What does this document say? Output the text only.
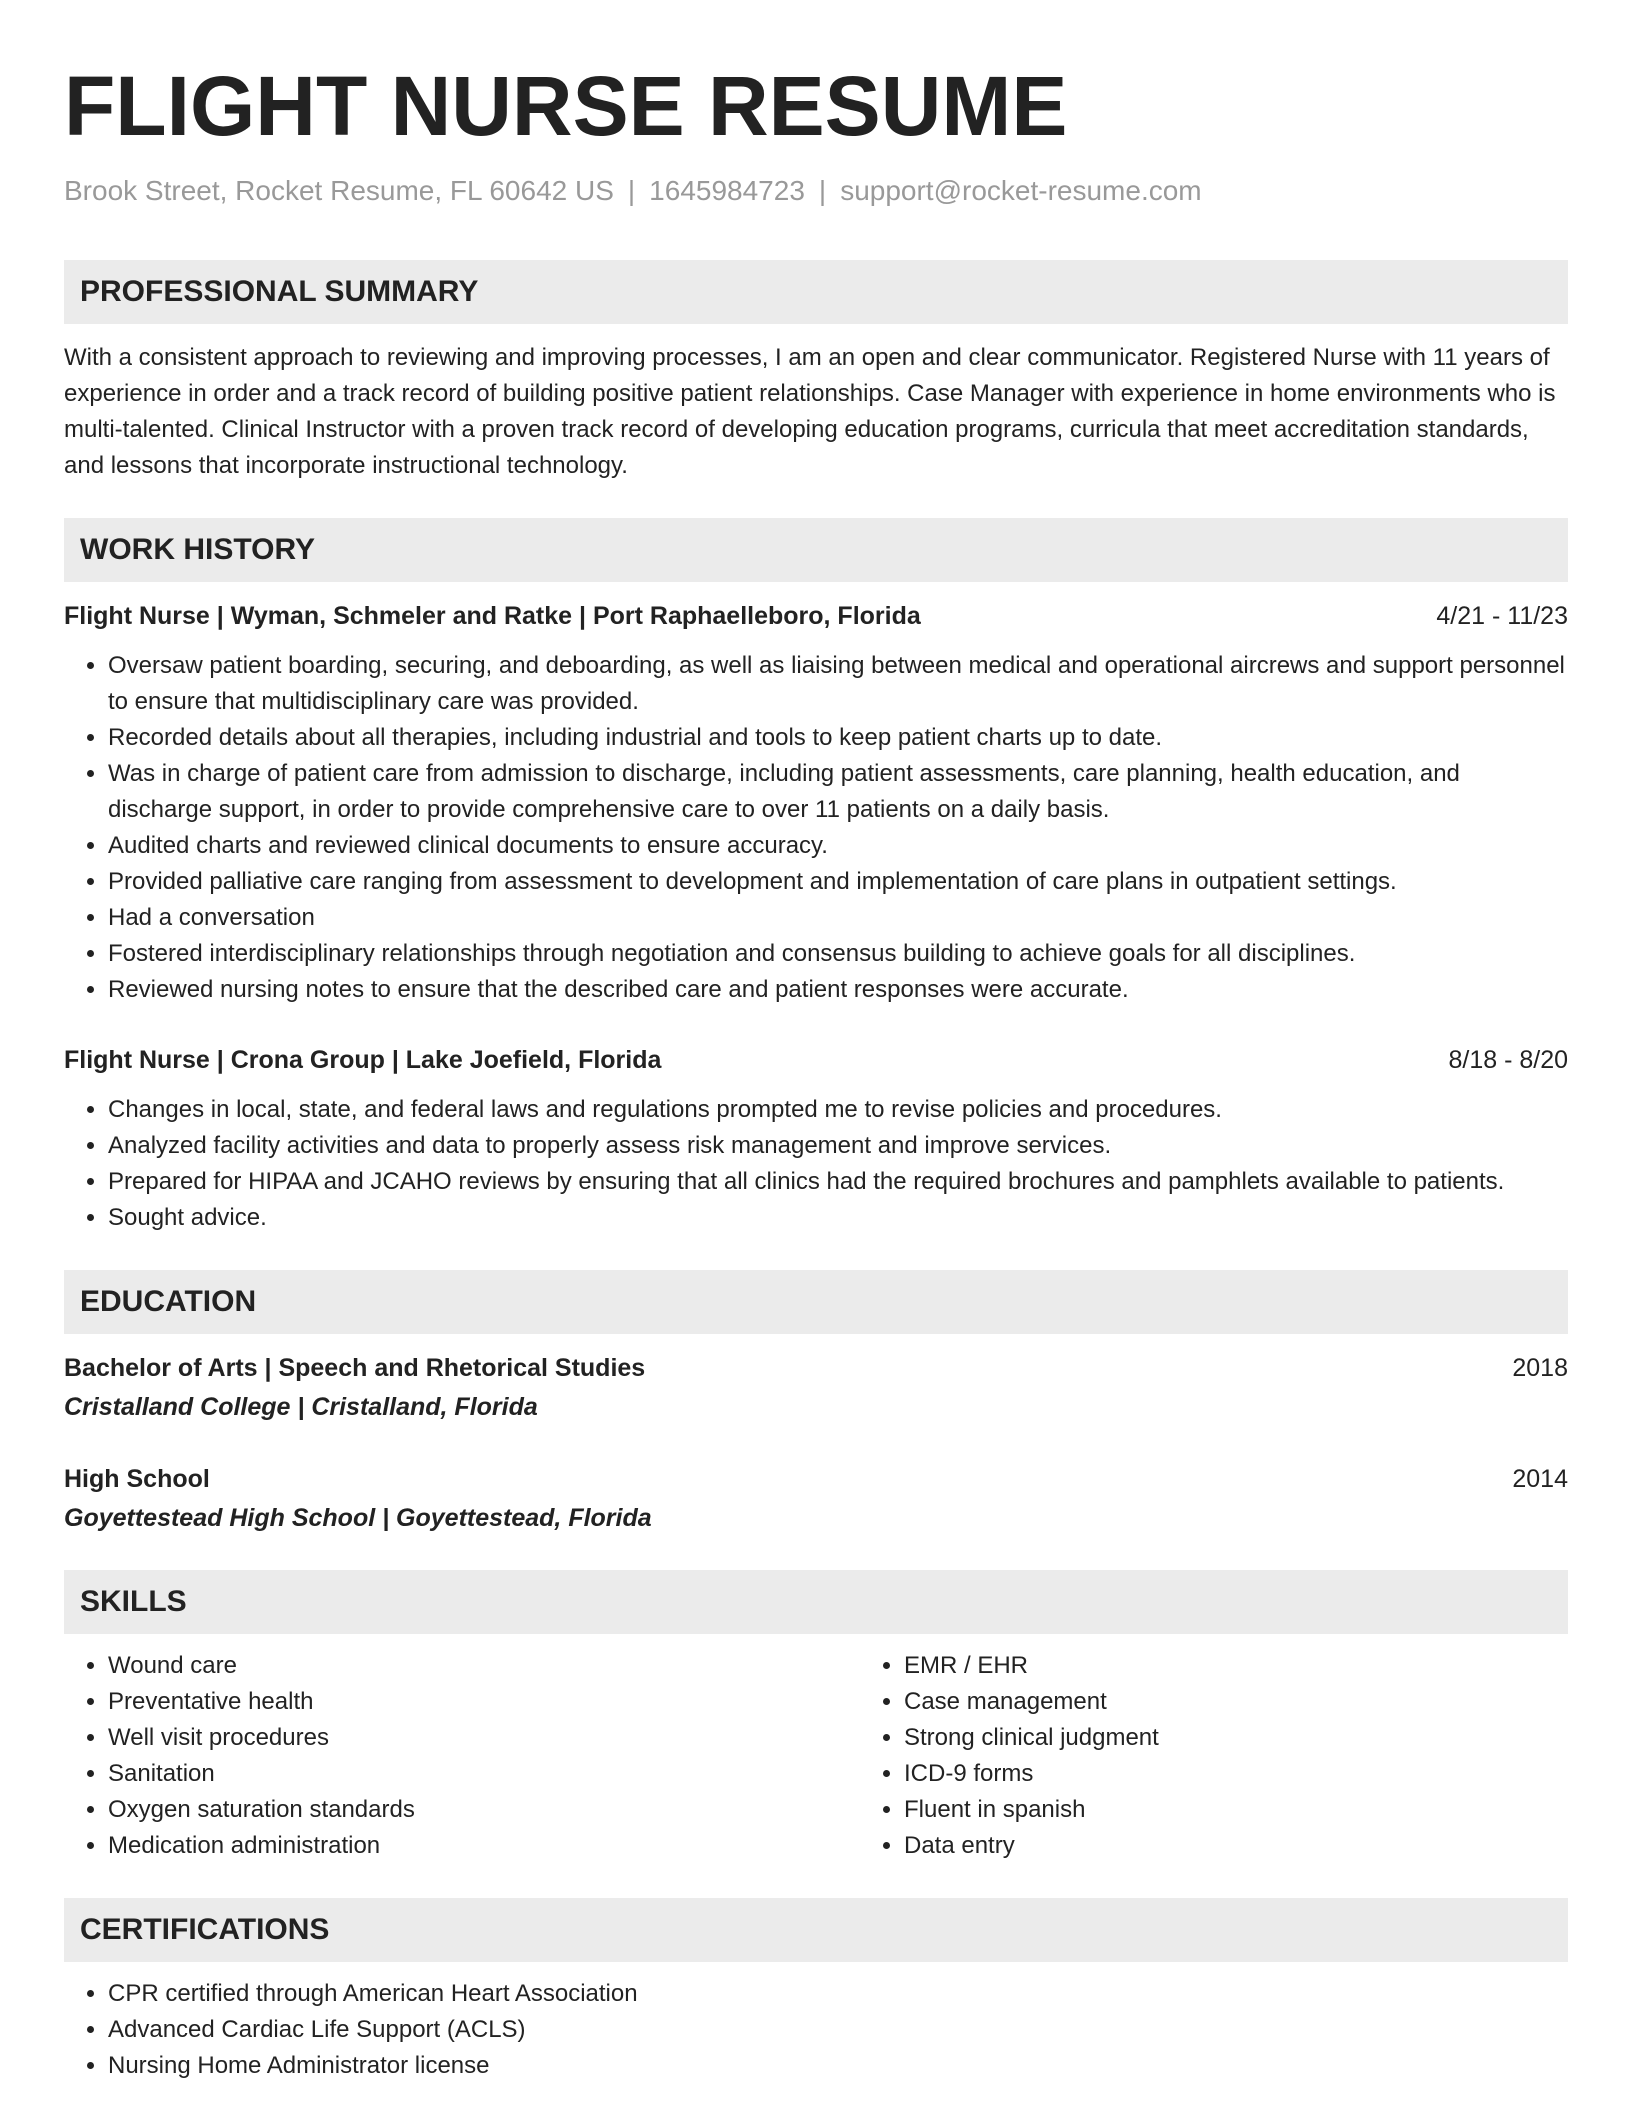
FLIGHT NURSE RESUME
Brook Street, Rocket Resume, FL 60642 US | 1645984723 | support@rocket-resume.com
PROFESSIONAL SUMMARY
With a consistent approach to reviewing and improving processes, I am an open and clear communicator. Registered Nurse with 11 years of experience in order and a track record of building positive patient relationships. Case Manager with experience in home environments who is multi-talented. Clinical Instructor with a proven track record of developing education programs, curricula that meet accreditation standards, and lessons that incorporate instructional technology.
WORK HISTORY
Flight Nurse | Wyman, Schmeler and Ratke | Port Raphaelleboro, Florida	4/21 - 11/23
• Oversaw patient boarding, securing, and deboarding, as well as liaising between medical and operational aircrews and support personnel to ensure that multidisciplinary care was provided.
• Recorded details about all therapies, including industrial and tools to keep patient charts up to date.
• Was in charge of patient care from admission to discharge, including patient assessments, care planning, health education, and discharge support, in order to provide comprehensive care to over 11 patients on a daily basis.
• Audited charts and reviewed clinical documents to ensure accuracy.
• Provided palliative care ranging from assessment to development and implementation of care plans in outpatient settings.
• Had a conversation
• Fostered interdisciplinary relationships through negotiation and consensus building to achieve goals for all disciplines.
• Reviewed nursing notes to ensure that the described care and patient responses were accurate.
Flight Nurse | Crona Group | Lake Joefield, Florida	8/18 - 8/20
• Changes in local, state, and federal laws and regulations prompted me to revise policies and procedures.
• Analyzed facility activities and data to properly assess risk management and improve services.
• Prepared for HIPAA and JCAHO reviews by ensuring that all clinics had the required brochures and pamphlets available to patients.
• Sought advice.
EDUCATION
Bachelor of Arts | Speech and Rhetorical Studies	2018
Cristalland College | Cristalland, Florida
High School	2014
Goyettestead High School | Goyettestead, Florida
SKILLS
• Wound care
• Preventative health
• Well visit procedures
• Sanitation
• Oxygen saturation standards
• Medication administration
• EMR / EHR
• Case management
• Strong clinical judgment
• ICD-9 forms
• Fluent in spanish
• Data entry
CERTIFICATIONS
• CPR certified through American Heart Association
• Advanced Cardiac Life Support (ACLS)
• Nursing Home Administrator license
